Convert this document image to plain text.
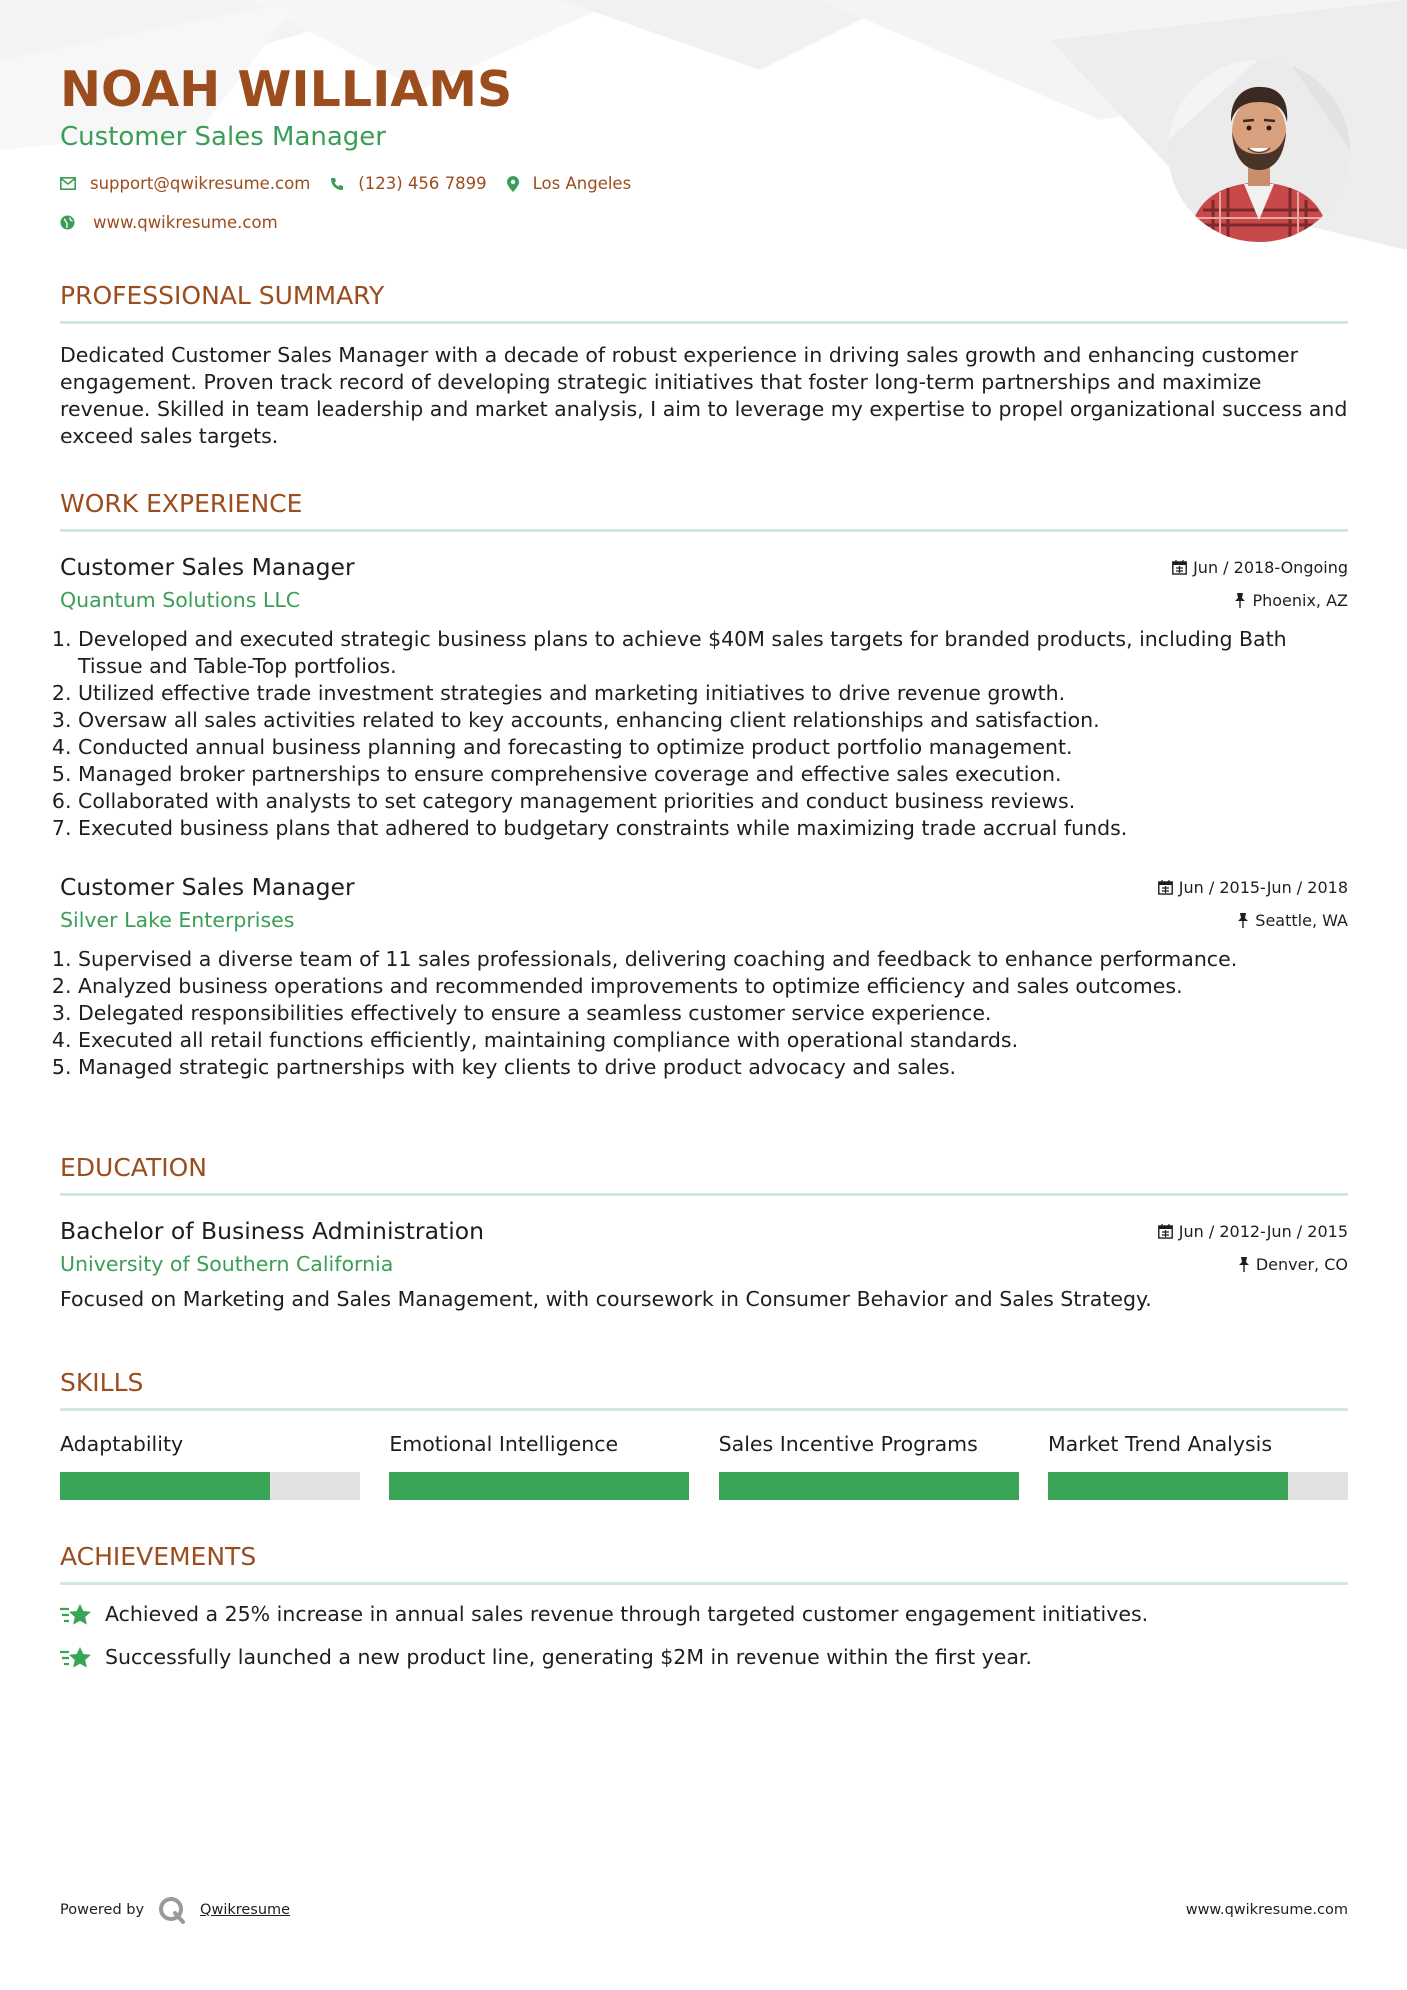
NOAH WILLIAMS
Customer Sales Manager
support@qwikresume.com	(123) 456 7899	Los Angeles
www.qwikresume.com
PROFESSIONAL SUMMARY
Dedicated Customer Sales Manager with a decade of robust experience in driving sales growth and enhancing customer engagement. Proven track record of developing strategic initiatives that foster long-term partnerships and maximize revenue. Skilled in team leadership and market analysis, I aim to leverage my expertise to propel organizational success and exceed sales targets.
WORK EXPERIENCE
Customer Sales Manager	Jun / 2018-Ongoing
Quantum Solutions LLC	Phoenix, AZ
1. Developed and executed strategic business plans to achieve $40M sales targets for branded products, including Bath Tissue and Table-Top portfolios.
2. Utilized effective trade investment strategies and marketing initiatives to drive revenue growth.
3. Oversaw all sales activities related to key accounts, enhancing client relationships and satisfaction.
4. Conducted annual business planning and forecasting to optimize product portfolio management.
5. Managed broker partnerships to ensure comprehensive coverage and effective sales execution.
6. Collaborated with analysts to set category management priorities and conduct business reviews.
7. Executed business plans that adhered to budgetary constraints while maximizing trade accrual funds.
Customer Sales Manager	Jun / 2015-Jun / 2018
Silver Lake Enterprises	Seattle, WA
1. Supervised a diverse team of 11 sales professionals, delivering coaching and feedback to enhance performance.
2. Analyzed business operations and recommended improvements to optimize efficiency and sales outcomes.
3. Delegated responsibilities effectively to ensure a seamless customer service experience.
4. Executed all retail functions efficiently, maintaining compliance with operational standards.
5. Managed strategic partnerships with key clients to drive product advocacy and sales.
EDUCATION
Bachelor of Business Administration	Jun / 2012-Jun / 2015
University of Southern California	Denver, CO
Focused on Marketing and Sales Management, with coursework in Consumer Behavior and Sales Strategy.
SKILLS
Adaptability	Emotional Intelligence	Sales Incentive Programs	Market Trend Analysis
ACHIEVEMENTS
Achieved a 25% increase in annual sales revenue through targeted customer engagement initiatives.
Successfully launched a new product line, generating $2M in revenue within the first year.
Powered by	Qwikresume	www.qwikresume.com
